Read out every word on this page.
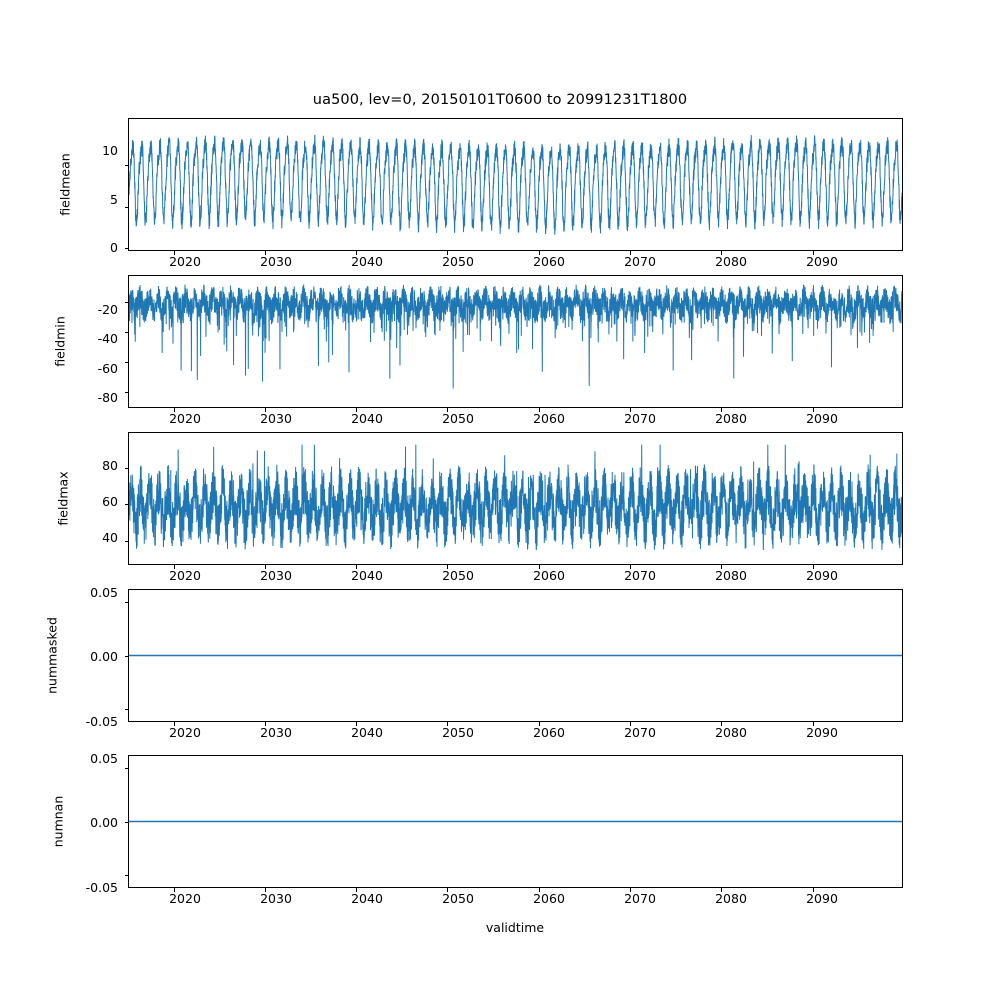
ua500, lev=0, 20150101T0600 to 20991231T1800
fieldmean
0
5
10
2020	2030	2040	2050	2060	2070	2080	2090
fieldmin
-80
-60
-40
-20
2020	2030	2040	2050	2060	2070	2080	2090
fieldmax
40
60
80
2020	2030	2040	2050	2060	2070	2080	2090
nummasked
-0.05
0.00
0.05
2020	2030	2040	2050	2060	2070	2080	2090
numnan
-0.05
0.00
0.05
2020	2030	2040	2050	2060	2070	2080	2090
validtime
